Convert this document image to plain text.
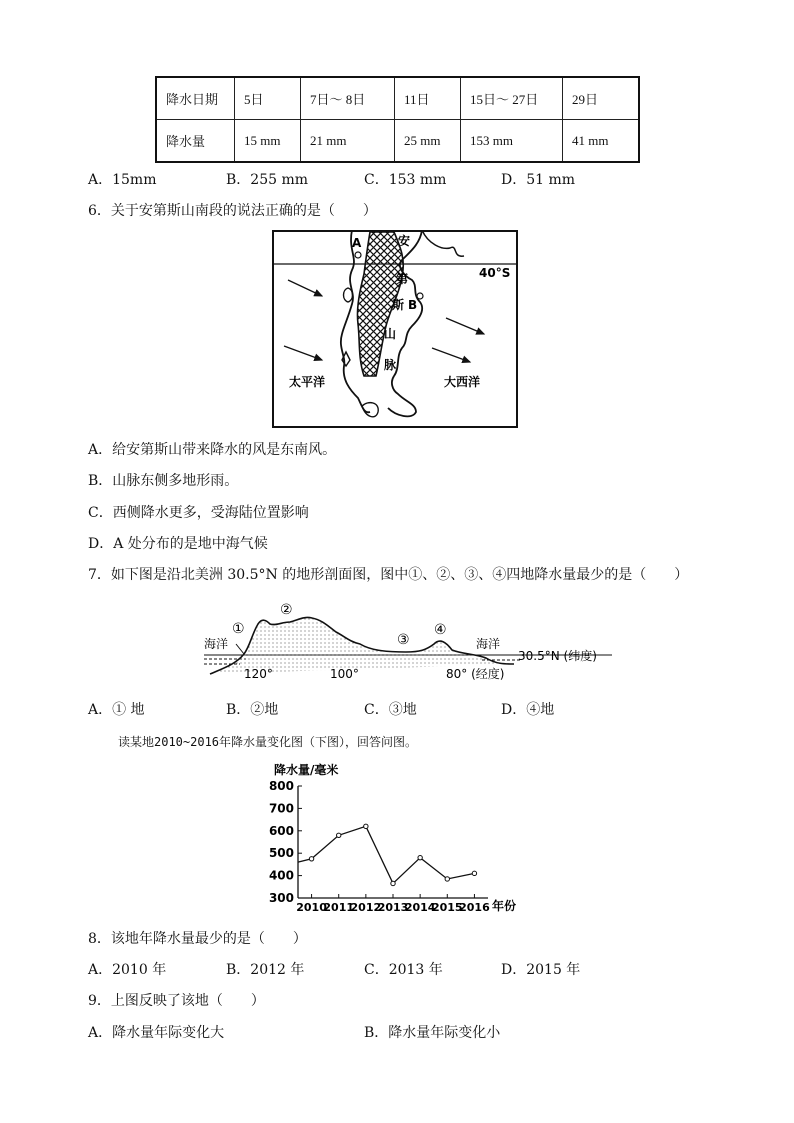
降水日期	5日	7日～ 8日	11日	15日～ 27日	29日
降水量	15 mm	21 mm	25 mm	153 mm	41 mm
A．15mm	B．255 mm	C．153 mm	D．51 mm
6．关于安第斯山南段的说法正确的是（　　）
A	安
40°S
第
斯 B
山
脉
太平洋	大西洋
A．给安第斯山带来降水的风是东南风。
B．山脉东侧多地形雨。
C．西侧降水更多，受海陆位置影响
D．A 处分布的是地中海气候
7．如下图是沿北美洲 30.5°N 的地形剖面图，图中①、②、③、④四地降水量最少的是（　　）
海洋	海洋
30.5°N (纬度)
①
②
③
④
120°	100°	80° (经度)
A．① 地	B．②地	C．③地	D．④地
读某地2010~2016年降水量变化图（下图），回答问图。
降水量/毫米
300
400
500
600
700
800
2010
2011
2012
2013
2014
2015
2016 年份
8．该地年降水量最少的是（　　）
A．2010 年	B．2012 年	C．2013 年	D．2015 年
9．上图反映了该地（　　）
A．降水量年际变化大	B．降水量年际变化小
